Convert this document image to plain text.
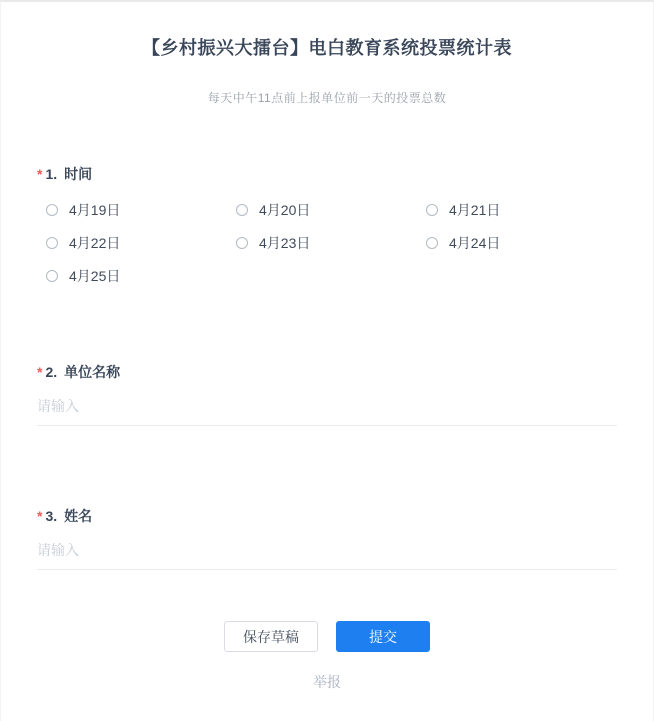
【乡村振兴大擂台】电白教育系统投票统计表
每天中午11点前上报单位前一天的投票总数
* 1. 时间
4月19日	4月20日	4月21日
4月22日	4月23日	4月24日
4月25日
* 2. 单位名称
请输入
* 3. 姓名
请输入
保存草稿	提交
举报
